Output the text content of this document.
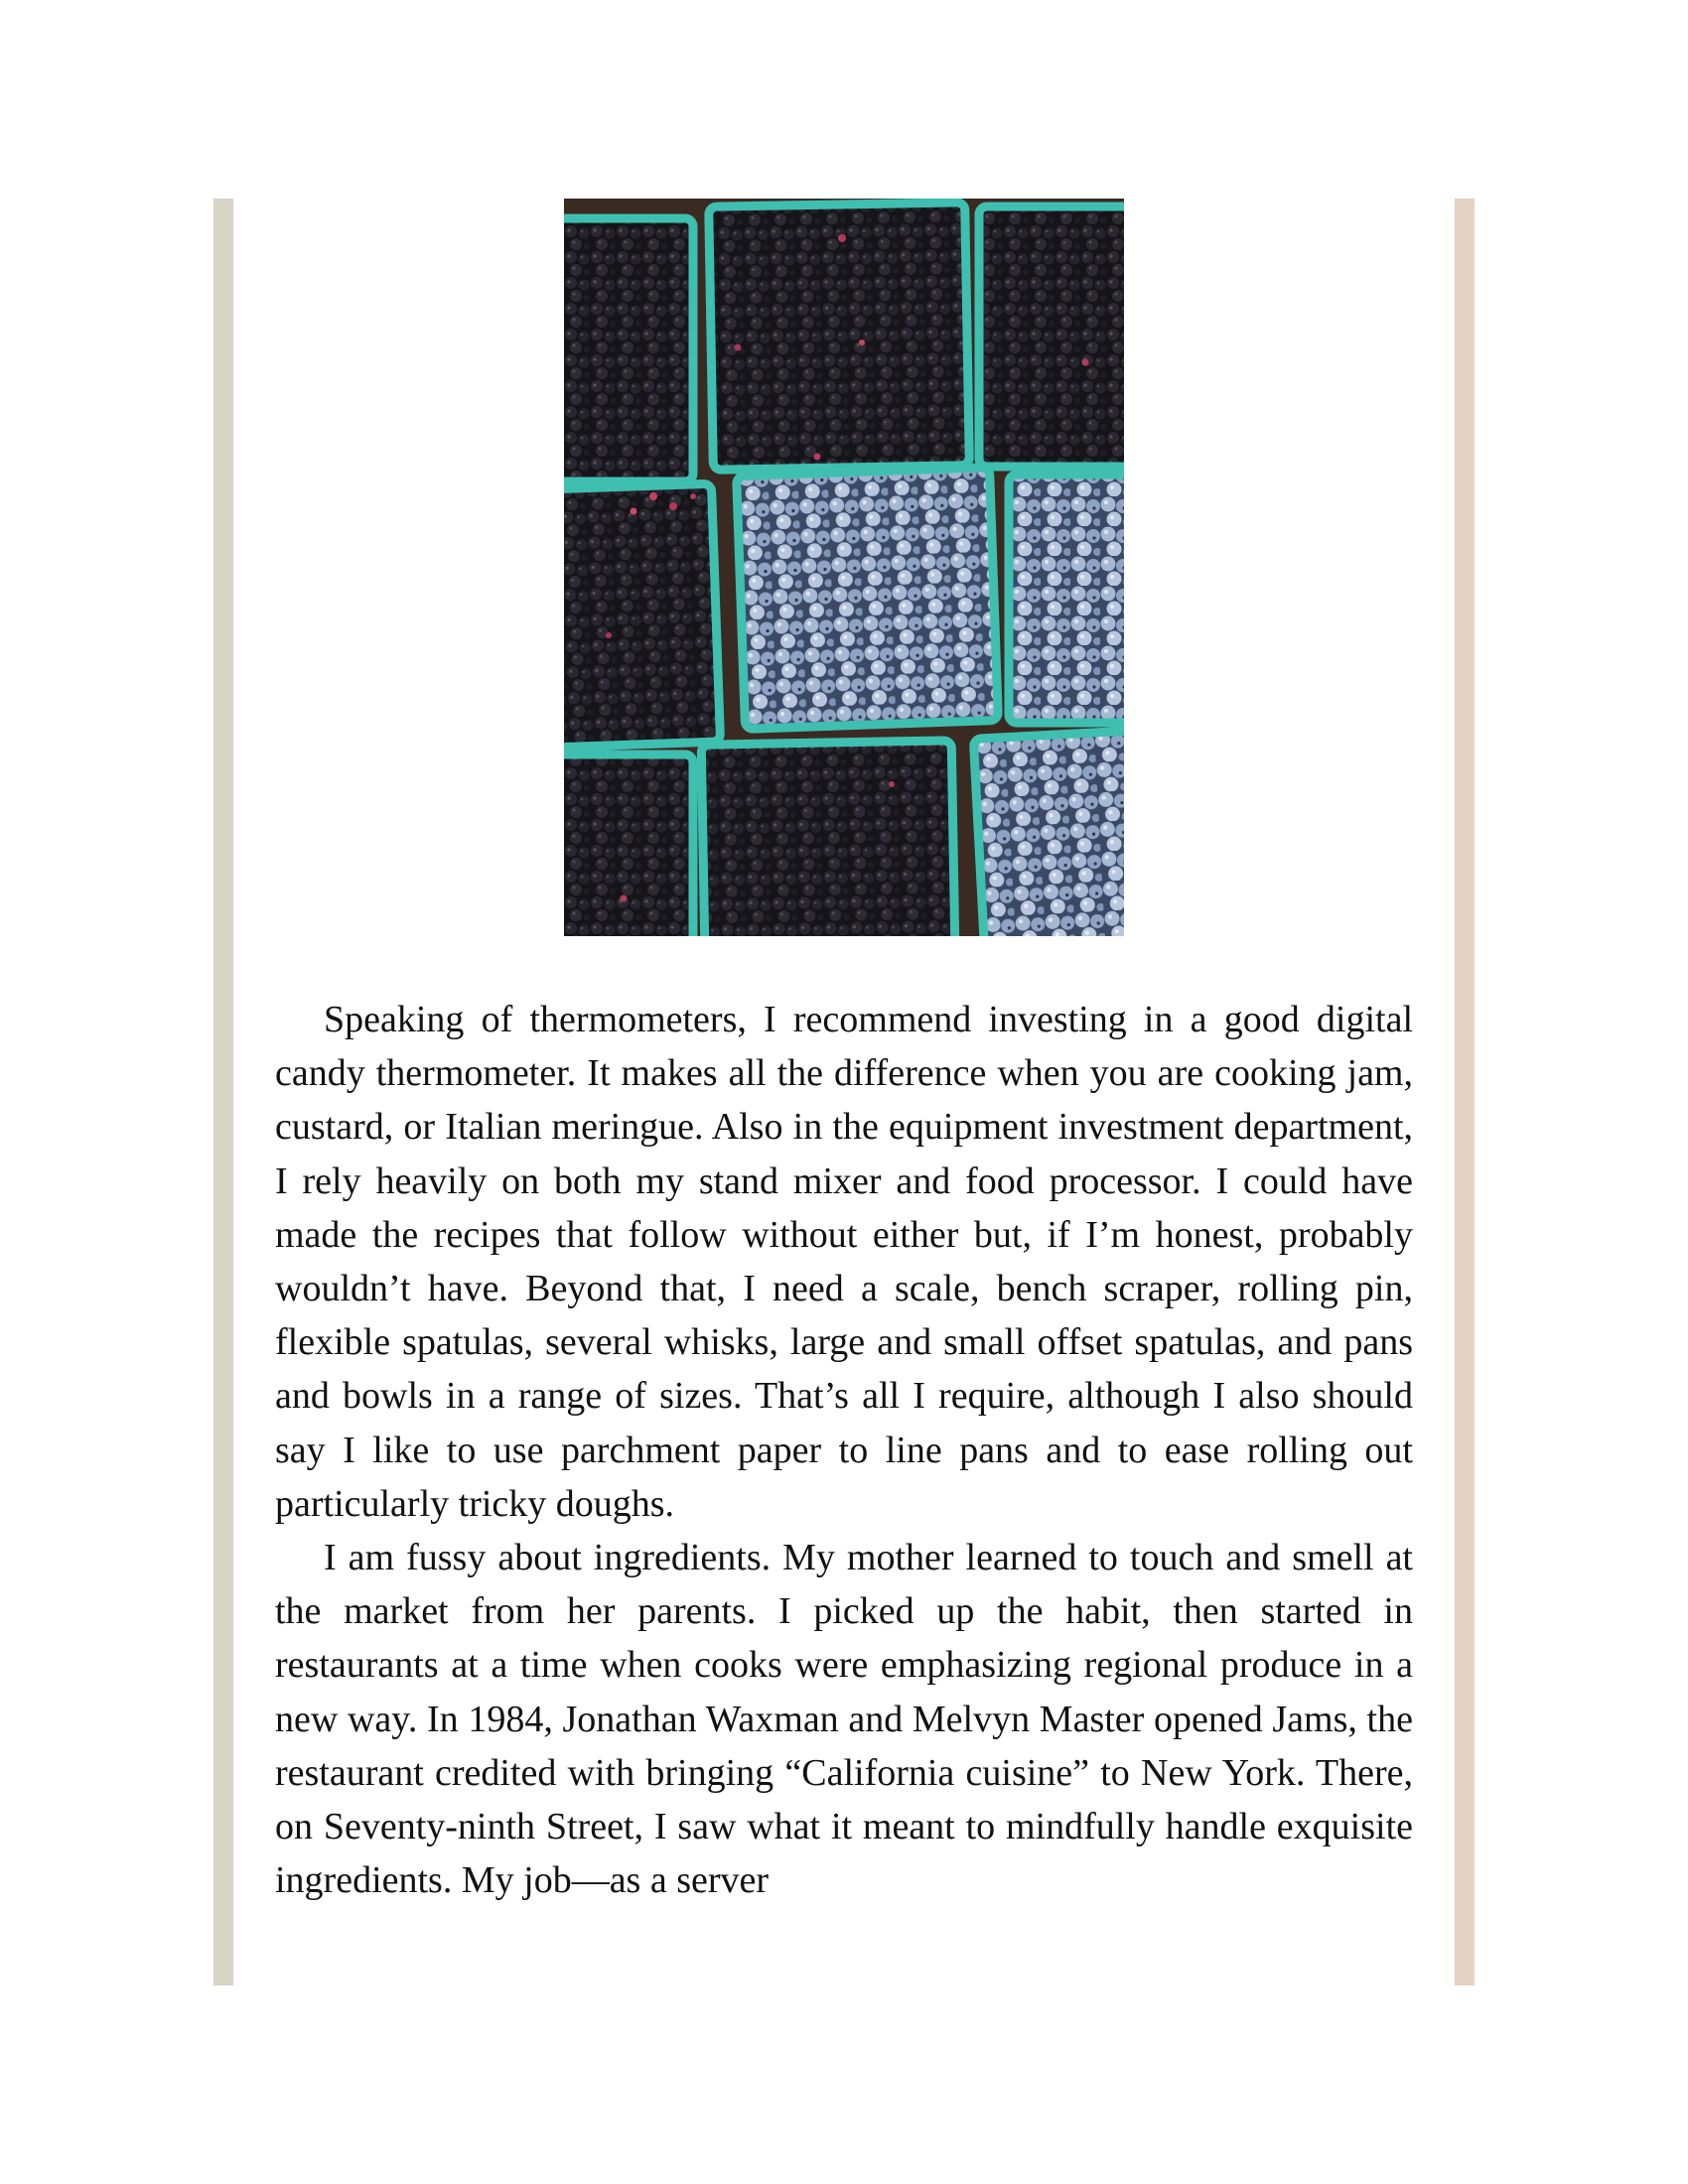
Speaking of thermometers, I recommend investing in a good digital candy thermometer. It makes all the difference when you are cooking jam, custard, or Italian meringue. Also in the equipment investment department, I rely heavily on both my stand mixer and food processor. I could have made the recipes that follow without either but, if I’m honest, probably wouldn’t have. Beyond that, I need a scale, bench scraper, rolling pin, flexible spatulas, several whisks, large and small offset spatulas, and pans and bowls in a range of sizes. That’s all I require, although I also should say I like to use parchment paper to line pans and to ease rolling out particularly tricky doughs.

I am fussy about ingredients. My mother learned to touch and smell at the market from her parents. I picked up the habit, then started in restaurants at a time when cooks were emphasizing regional produce in a new way. In 1984, Jonathan Waxman and Melvyn Master opened Jams, the restaurant credited with bringing “California cuisine” to New York. There, on Seventy-ninth Street, I saw what it meant to mindfully handle exquisite ingredients. My job—as a server
